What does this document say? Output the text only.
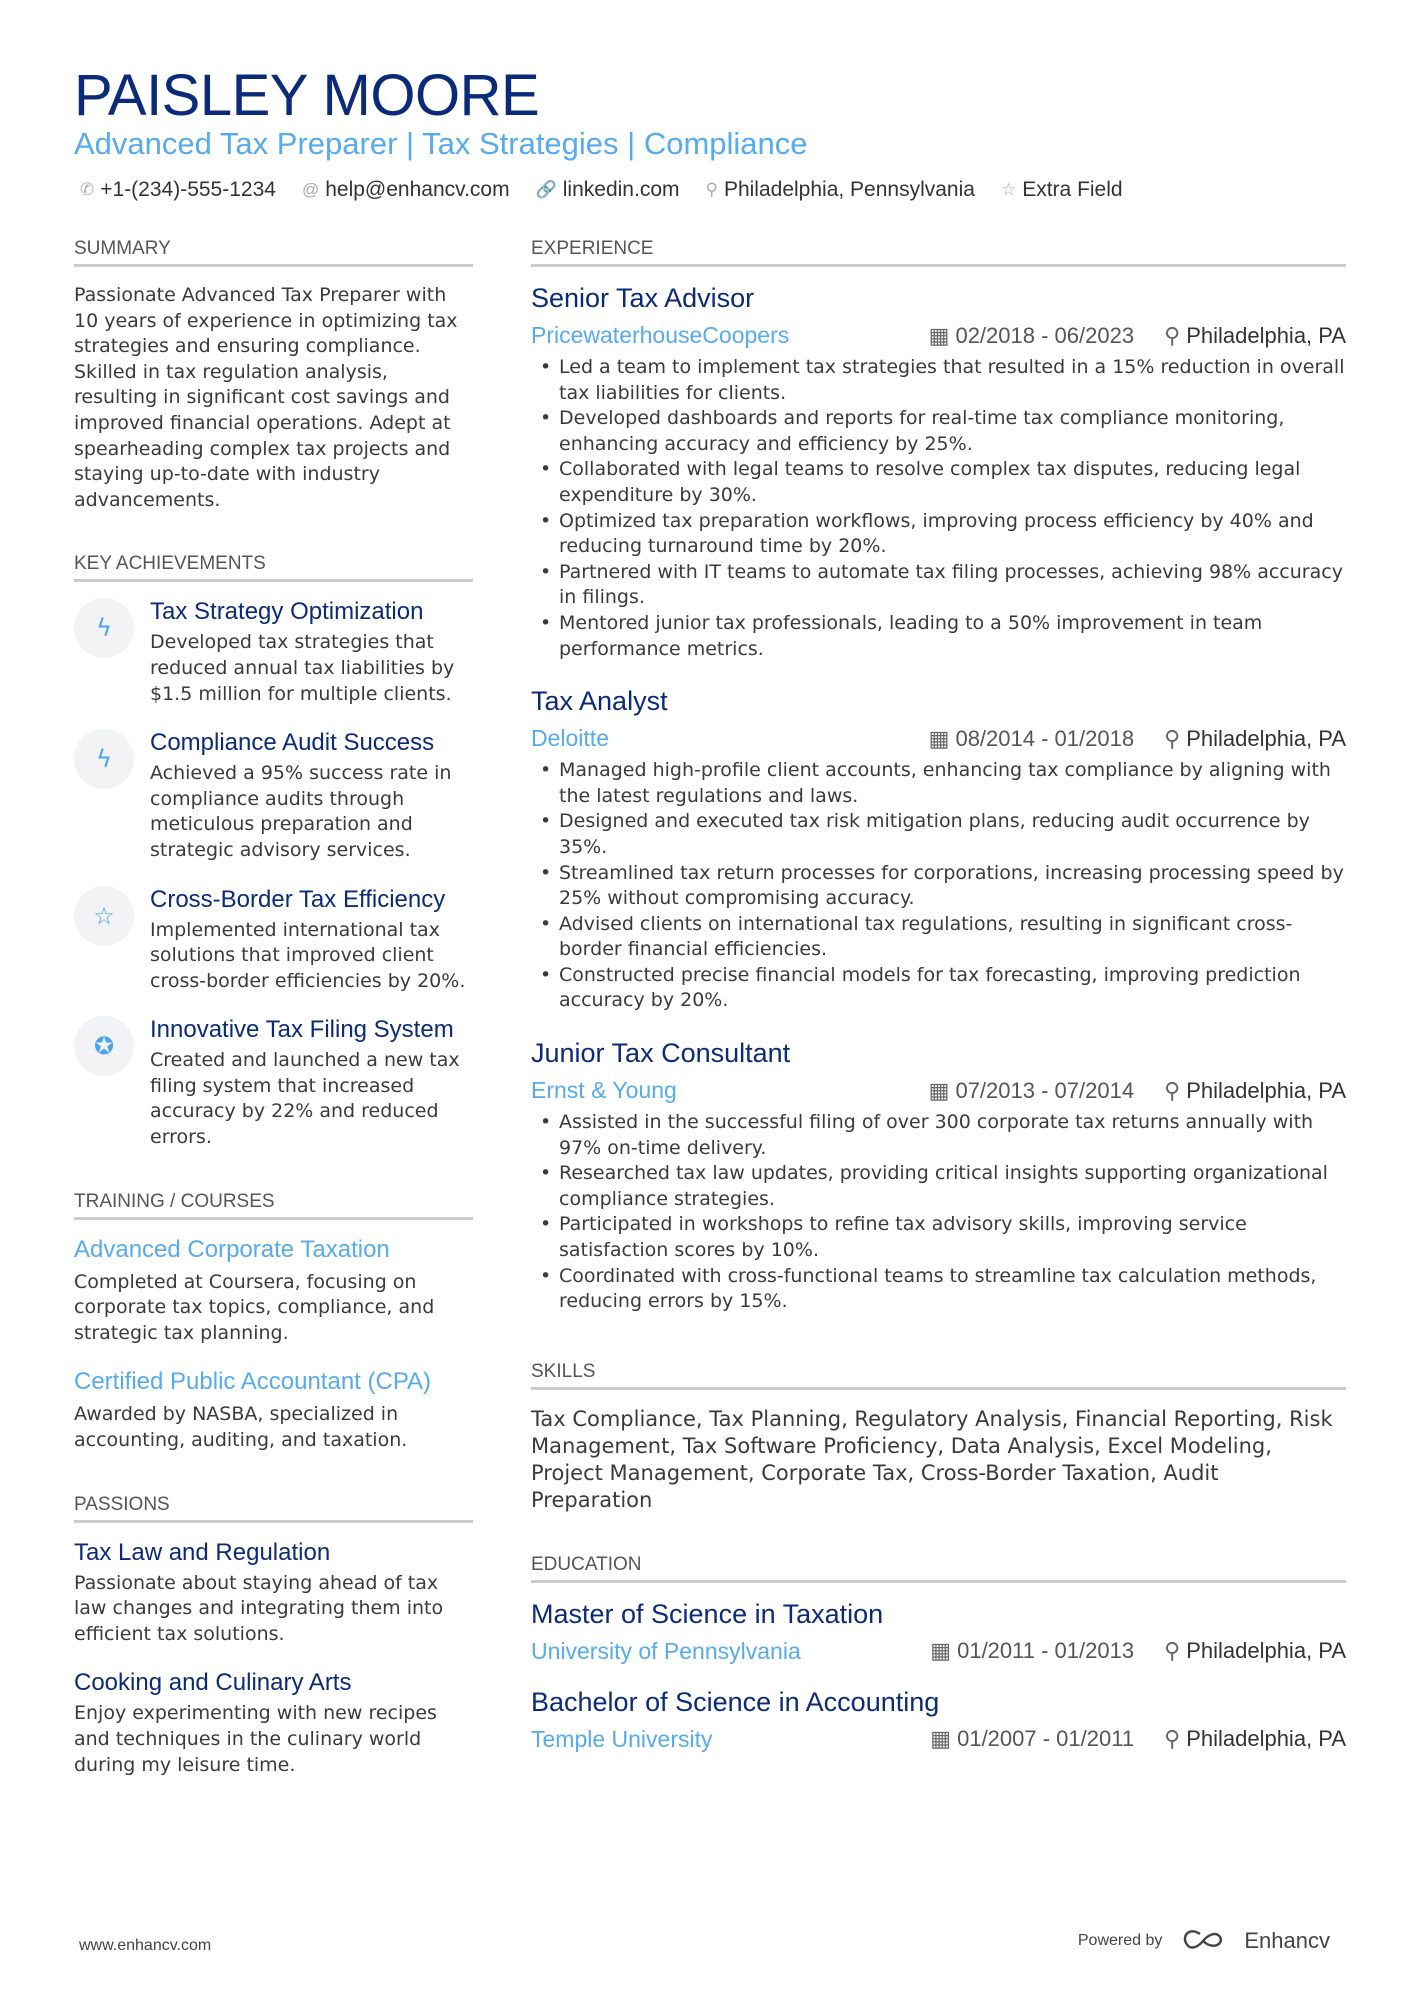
PAISLEY MOORE
Advanced Tax Preparer | Tax Strategies | Compliance
✆ +1-(234)-555-1234 @ help@enhancv.com 🔗 linkedin.com ⚲ Philadelphia, Pennsylvania ☆ Extra Field
SUMMARY

Passionate Advanced Tax Preparer with 10 years of experience in optimizing tax strategies and ensuring compliance. Skilled in tax regulation analysis, resulting in significant cost savings and improved financial operations. Adept at spearheading complex tax projects and staying up-to-date with industry advancements.

KEY ACHIEVEMENTS
ϟ
Tax Strategy Optimization

Developed tax strategies that reduced annual tax liabilities by $1.5 million for multiple clients.

ϟ
Compliance Audit Success

Achieved a 95% success rate in compliance audits through meticulous preparation and strategic advisory services.

☆
Cross-Border Tax Efficiency

Implemented international tax solutions that improved client cross-border efficiencies by 20%.

✪
Innovative Tax Filing System

Created and launched a new tax filing system that increased accuracy by 22% and reduced errors.

TRAINING / COURSES
Advanced Corporate Taxation

Completed at Coursera, focusing on corporate tax topics, compliance, and strategic tax planning.

Certified Public Accountant (CPA)

Awarded by NASBA, specialized in accounting, auditing, and taxation.

PASSIONS
Tax Law and Regulation

Passionate about staying ahead of tax law changes and integrating them into efficient tax solutions.

Cooking and Culinary Arts

Enjoy experimenting with new recipes and techniques in the culinary world during my leisure time.

EXPERIENCE
Senior Tax Advisor
PricewaterhouseCoopers	▦ 02/2018 - 06/2023 ⚲ Philadelphia, PA
• Led a team to implement tax strategies that resulted in a 15% reduction in overall tax liabilities for clients.
• Developed dashboards and reports for real-time tax compliance monitoring, enhancing accuracy and efficiency by 25%.
• Collaborated with legal teams to resolve complex tax disputes, reducing legal expenditure by 30%.
• Optimized tax preparation workflows, improving process efficiency by 40% and reducing turnaround time by 20%.
• Partnered with IT teams to automate tax filing processes, achieving 98% accuracy in filings.
• Mentored junior tax professionals, leading to a 50% improvement in team performance metrics.
Tax Analyst
Deloitte	▦ 08/2014 - 01/2018 ⚲ Philadelphia, PA
• Managed high-profile client accounts, enhancing tax compliance by aligning with the latest regulations and laws.
• Designed and executed tax risk mitigation plans, reducing audit occurrence by 35%.
• Streamlined tax return processes for corporations, increasing processing speed by 25% without compromising accuracy.
• Advised clients on international tax regulations, resulting in significant cross-border financial efficiencies.
• Constructed precise financial models for tax forecasting, improving prediction accuracy by 20%.
Junior Tax Consultant
Ernst & Young	▦ 07/2013 - 07/2014 ⚲ Philadelphia, PA
• Assisted in the successful filing of over 300 corporate tax returns annually with 97% on-time delivery.
• Researched tax law updates, providing critical insights supporting organizational compliance strategies.
• Participated in workshops to refine tax advisory skills, improving service satisfaction scores by 10%.
• Coordinated with cross-functional teams to streamline tax calculation methods, reducing errors by 15%.
SKILLS

Tax Compliance, Tax Planning, Regulatory Analysis, Financial Reporting, Risk Management, Tax Software Proficiency, Data Analysis, Excel Modeling, Project Management, Corporate Tax, Cross-Border Taxation, Audit Preparation

EDUCATION
Master of Science in Taxation
University of Pennsylvania	▦ 01/2011 - 01/2013 ⚲ Philadelphia, PA
Bachelor of Science in Accounting
Temple University	▦ 01/2007 - 01/2011 ⚲ Philadelphia, PA
www.enhancv.com	Powered by	Enhancv
